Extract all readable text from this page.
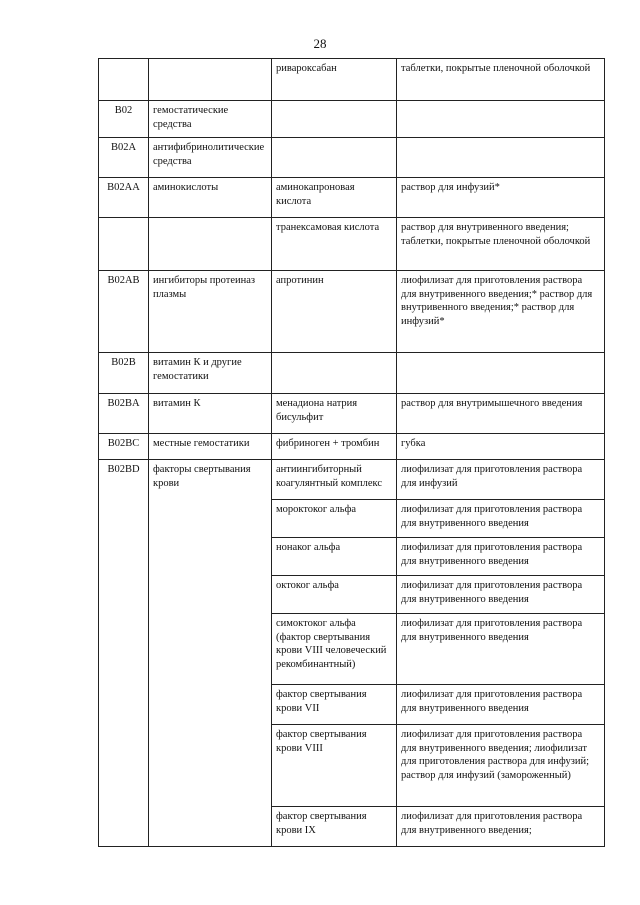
28
		ривароксабан	таблетки, покрытые пленочной оболочкой
B02	гемостатические средства		
B02A	антифибринолитические средства		
B02AA	аминокислоты	аминокапроновая кислота	раствор для инфузий*
		транексамовая кислота	раствор для внутривенного введения; таблетки, покрытые пленочной оболочкой
B02AB	ингибиторы протеиназ плазмы	апротинин	лиофилизат для приготовления раствора для внутривенного введения;* раствор для внутривенного введения;* раствор для инфузий*
B02B	витамин К и другие гемостатики		
B02BA	витамин К	менадиона натрия бисульфит	раствор для внутримышечного введения
B02BC	местные гемостатики	фибриноген + тромбин	губка
B02BD	факторы свертывания крови	антиингибиторный коагулянтный комплекс	лиофилизат для приготовления раствора для инфузий
		мороктоког альфа	лиофилизат для приготовления раствора для внутривенного введения
		нонаког альфа	лиофилизат для приготовления раствора для внутривенного введения
		октоког альфа	лиофилизат для приготовления раствора для внутривенного введения
		симоктоког альфа (фактор свертывания крови VIII человеческий рекомбинантный)	лиофилизат для приготовления раствора для внутривенного введения
		фактор свертывания крови VII	лиофилизат для приготовления раствора для внутривенного введения
		фактор свертывания крови VIII	лиофилизат для приготовления раствора для внутривенного введения; лиофилизат для приготовления раствора для инфузий; раствор для инфузий (замороженный)
		фактор свертывания крови IX	лиофилизат для приготовления раствора для внутривенного введения;
